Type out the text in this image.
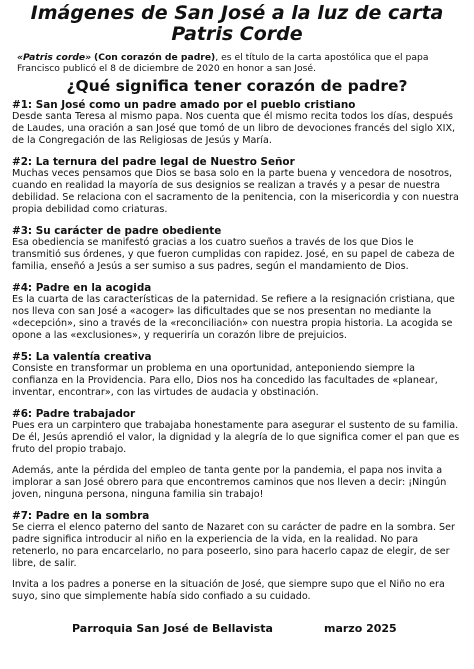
Imágenes de San José a la luz de carta Patris Corde
«Patris corde» (Con corazón de padre), es el título de la carta apostólica que el papa Francisco publicó el 8 de diciembre de 2020 en honor a san José.
¿Qué significa tener corazón de padre?
#1: San José como un padre amado por el pueblo cristiano
Desde santa Teresa al mismo papa. Nos cuenta que él mismo recita todos los días, después de Laudes, una oración a san José que tomó de un libro de devociones francés del siglo XIX, de la Congregación de las Religiosas de Jesús y María.
#2: La ternura del padre legal de Nuestro Señor
Muchas veces pensamos que Dios se basa solo en la parte buena y vencedora de nosotros, cuando en realidad la mayoría de sus designios se realizan a través y a pesar de nuestra debilidad. Se relaciona con el sacramento de la penitencia, con la misericordia y con nuestra propia debilidad como criaturas.
#3: Su carácter de padre obediente
Esa obediencia se manifestó gracias a los cuatro sueños a través de los que Dios le transmitió sus órdenes, y que fueron cumplidas con rapidez. José, en su papel de cabeza de familia, enseñó a Jesús a ser sumiso a sus padres, según el mandamiento de Dios.
#4: Padre en la acogida
Es la cuarta de las características de la paternidad. Se refiere a la resignación cristiana, que nos lleva con san José a «acoger» las dificultades que se nos presentan no mediante la «decepción», sino a través de la «reconciliación» con nuestra propia historia. La acogida se opone a las «exclusiones», y requeriría un corazón libre de prejuicios.
#5: La valentía creativa
Consiste en transformar un problema en una oportunidad, anteponiendo siempre la confianza en la Providencia. Para ello, Dios nos ha concedido las facultades de «planear, inventar, encontrar», con las virtudes de audacia y obstinación.
#6: Padre trabajador
Pues era un carpintero que trabajaba honestamente para asegurar el sustento de su familia. De él, Jesús aprendió el valor, la dignidad y la alegría de lo que significa comer el pan que es fruto del propio trabajo.
Además, ante la pérdida del empleo de tanta gente por la pandemia, el papa nos invita a implorar a san José obrero para que encontremos caminos que nos lleven a decir: ¡Ningún joven, ninguna persona, ninguna familia sin trabajo!
#7: Padre en la sombra
Se cierra el elenco paterno del santo de Nazaret con su carácter de padre en la sombra. Ser padre significa introducir al niño en la experiencia de la vida, en la realidad. No para retenerlo, no para encarcelarlo, no para poseerlo, sino para hacerlo capaz de elegir, de ser libre, de salir.
Invita a los padres a ponerse en la situación de José, que siempre supo que el Niño no era suyo, sino que simplemente había sido confiado a su cuidado.
Parroquia San José de Bellavista	marzo 2025
